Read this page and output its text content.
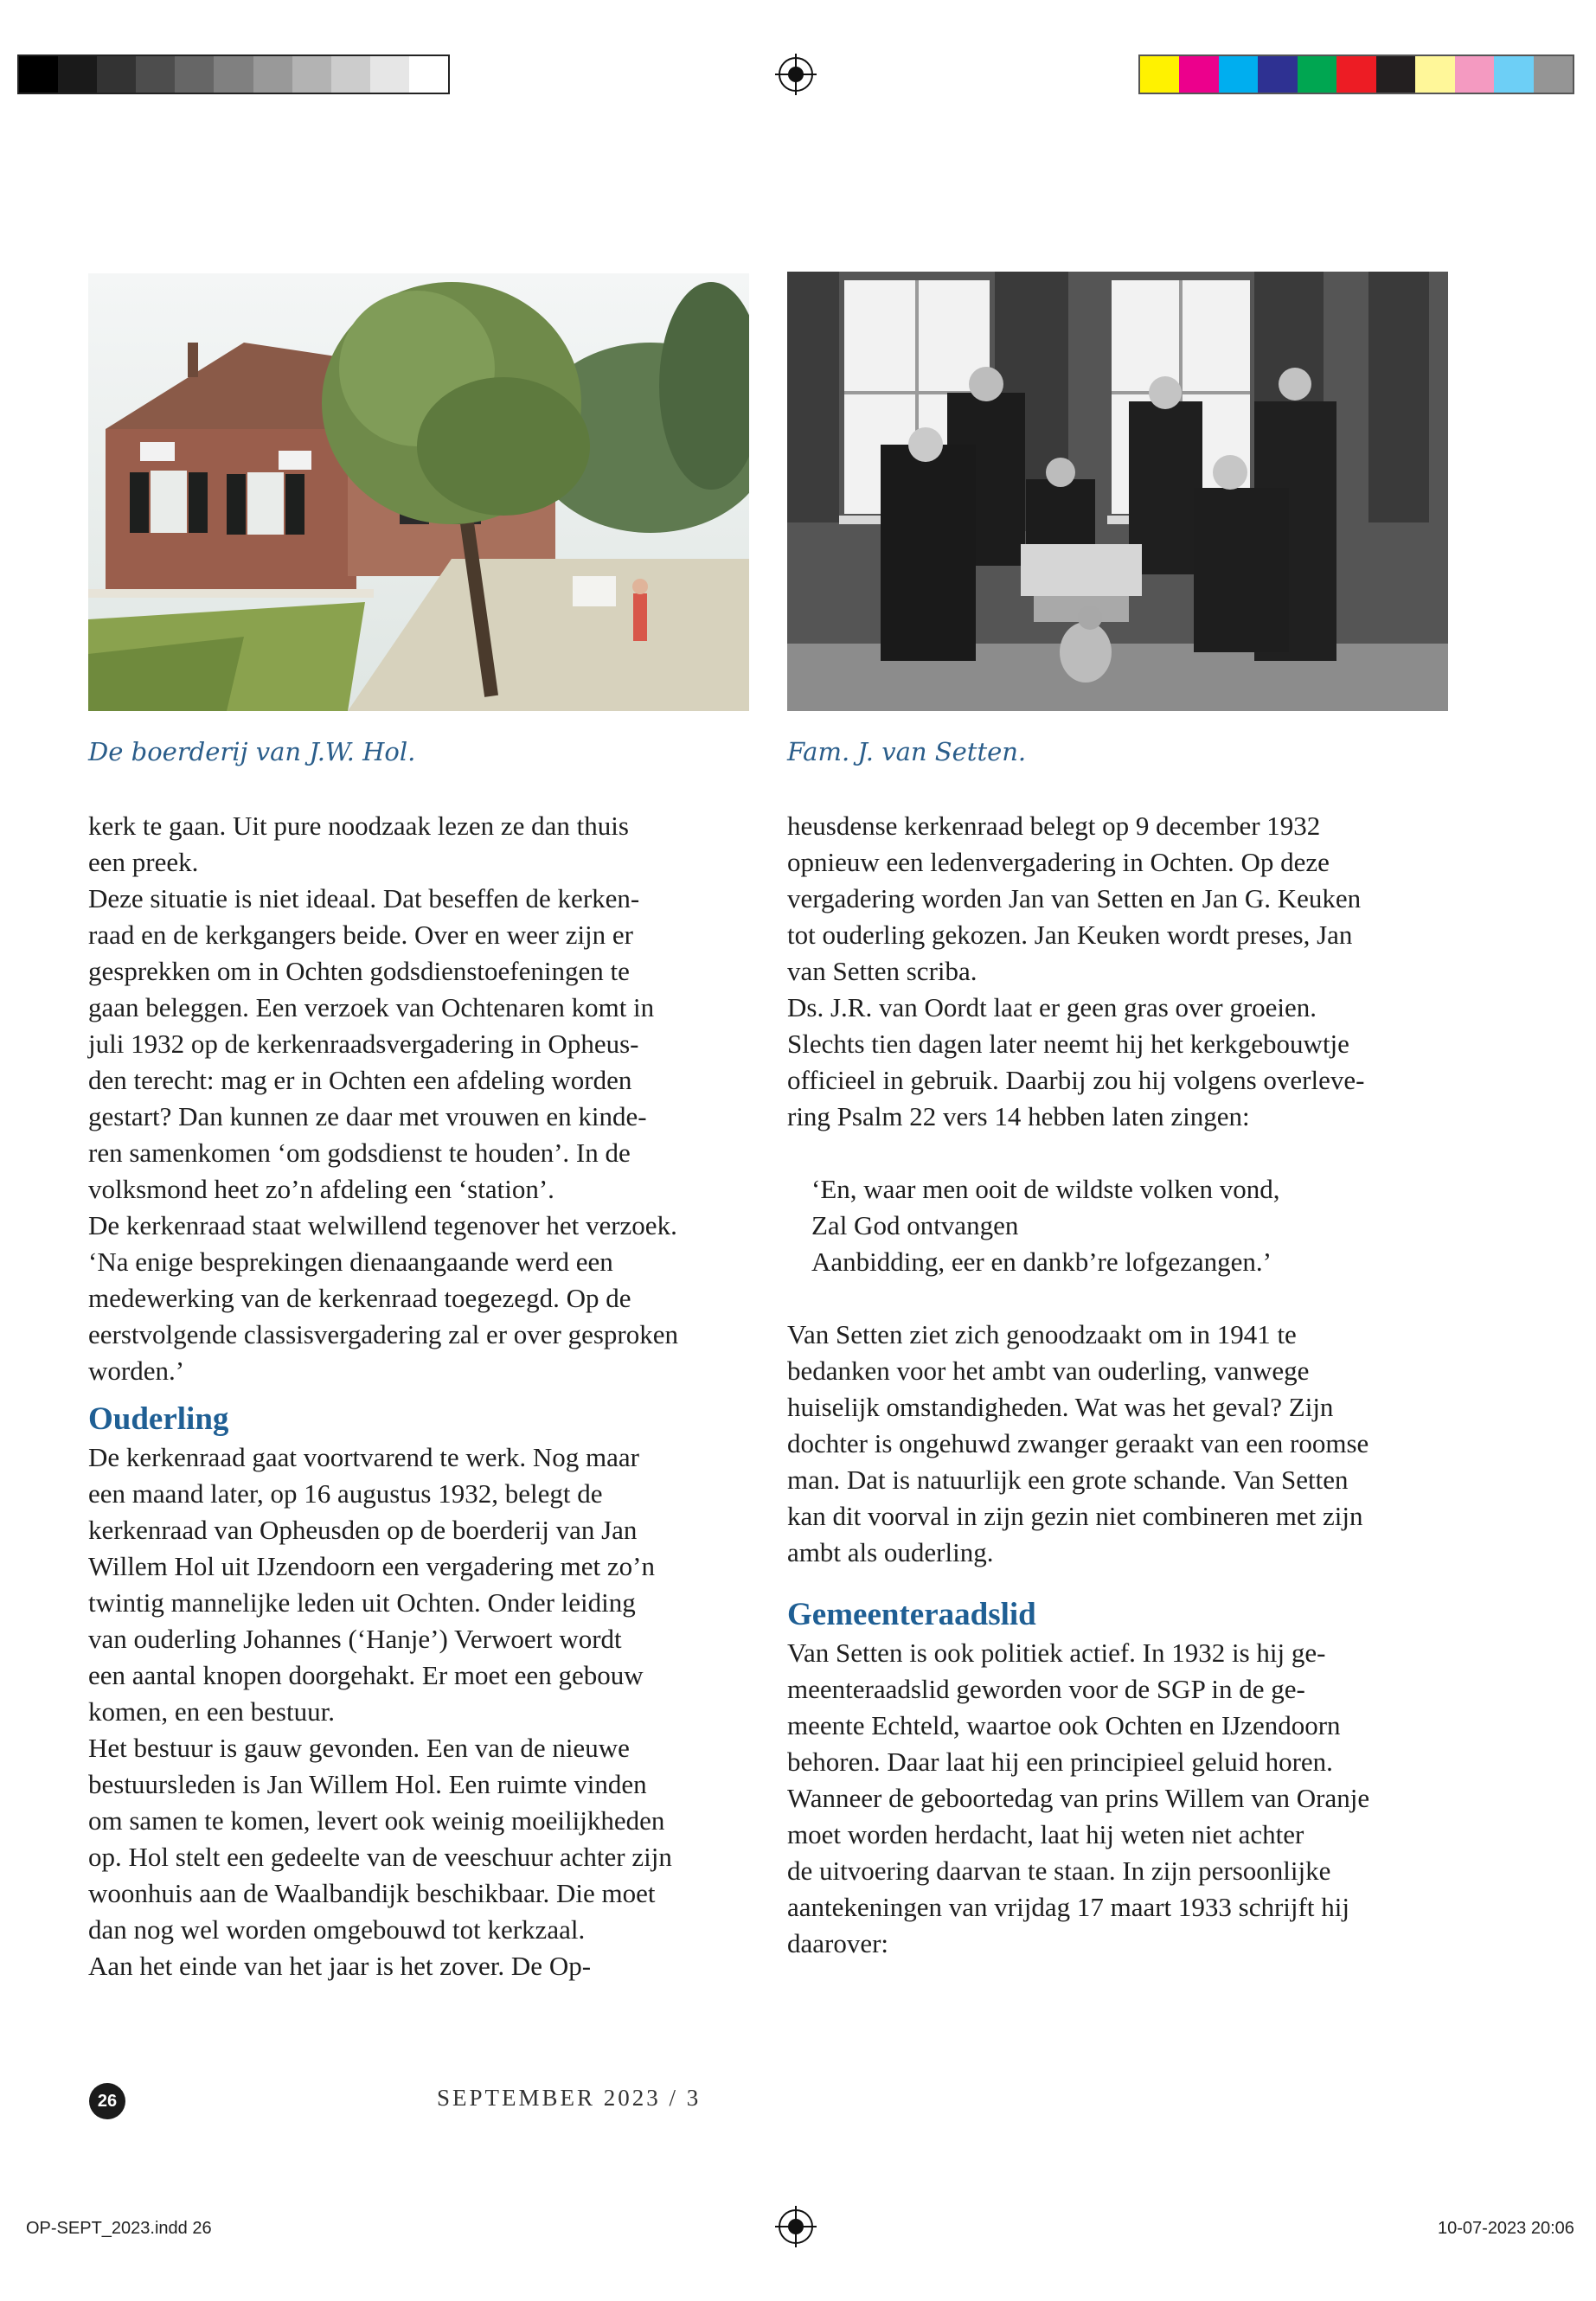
De boerderij van J.W. Hol.	Fam. J. van Setten.

kerk te gaan. Uit pure noodzaak lezen ze dan thuis
een preek.

Deze situatie is niet ideaal. Dat beseffen de kerken-
raad en de kerkgangers beide. Over en weer zijn er
gesprekken om in Ochten godsdienstoefeningen te
gaan beleggen. Een verzoek van Ochtenaren komt in
juli 1932 op de kerkenraadsvergadering in Opheus-
den terecht: mag er in Ochten een afdeling worden
gestart? Dan kunnen ze daar met vrouwen en kinde-
ren samenkomen ‘om godsdienst te houden’. In de
volksmond heet zo’n afdeling een ‘station’.

De kerkenraad staat welwillend tegenover het verzoek.
‘Na enige besprekingen dienaangaande werd een
medewerking van de kerkenraad toegezegd. Op de
eerstvolgende classisvergadering zal er over gesproken
worden.’

Ouderling

De kerkenraad gaat voortvarend te werk. Nog maar
een maand later, op 16 augustus 1932, belegt de
kerkenraad van Opheusden op de boerderij van Jan
Willem Hol uit IJzendoorn een vergadering met zo’n
twintig mannelijke leden uit Ochten. Onder leiding
van ouderling Johannes (‘Hanje’) Verwoert wordt
een aantal knopen doorgehakt. Er moet een gebouw
komen, en een bestuur.

Het bestuur is gauw gevonden. Een van de nieuwe
bestuursleden is Jan Willem Hol. Een ruimte vinden
om samen te komen, levert ook weinig moeilijkheden
op. Hol stelt een gedeelte van de veeschuur achter zijn
woonhuis aan de Waalbandijk beschikbaar. Die moet
dan nog wel worden omgebouwd tot kerkzaal.

Aan het einde van het jaar is het zover. De Op-

heusdense kerkenraad belegt op 9 december 1932
opnieuw een ledenvergadering in Ochten. Op deze
vergadering worden Jan van Setten en Jan G. Keuken
tot ouderling gekozen. Jan Keuken wordt preses, Jan
van Setten scriba.

Ds. J.R. van Oordt laat er geen gras over groeien.
Slechts tien dagen later neemt hij het kerkgebouwtje
officieel in gebruik. Daarbij zou hij volgens overleve-
ring Psalm 22 vers 14 hebben laten zingen:

‘En, waar men ooit de wildste volken vond,
Zal God ontvangen
Aanbidding, eer en dankb’re lofgezangen.’

Van Setten ziet zich genoodzaakt om in 1941 te
bedanken voor het ambt van ouderling, vanwege
huiselijk omstandigheden. Wat was het geval? Zijn
dochter is ongehuwd zwanger geraakt van een roomse
man. Dat is natuurlijk een grote schande. Van Setten
kan dit voorval in zijn gezin niet combineren met zijn
ambt als ouderling.

Gemeenteraadslid

Van Setten is ook politiek actief. In 1932 is hij ge-
meenteraadslid geworden voor de SGP in de ge-
meente Echteld, waartoe ook Ochten en IJzendoorn
behoren. Daar laat hij een principieel geluid horen.
Wanneer de geboortedag van prins Willem van Oranje
moet worden herdacht, laat hij weten niet achter
de uitvoering daarvan te staan. In zijn persoonlijke
aantekeningen van vrijdag 17 maart 1933 schrijft hij
daarover:

26	SEPTEMBER 2023 / 3
OP-SEPT_2023.indd 26	10-07-2023 20:06
